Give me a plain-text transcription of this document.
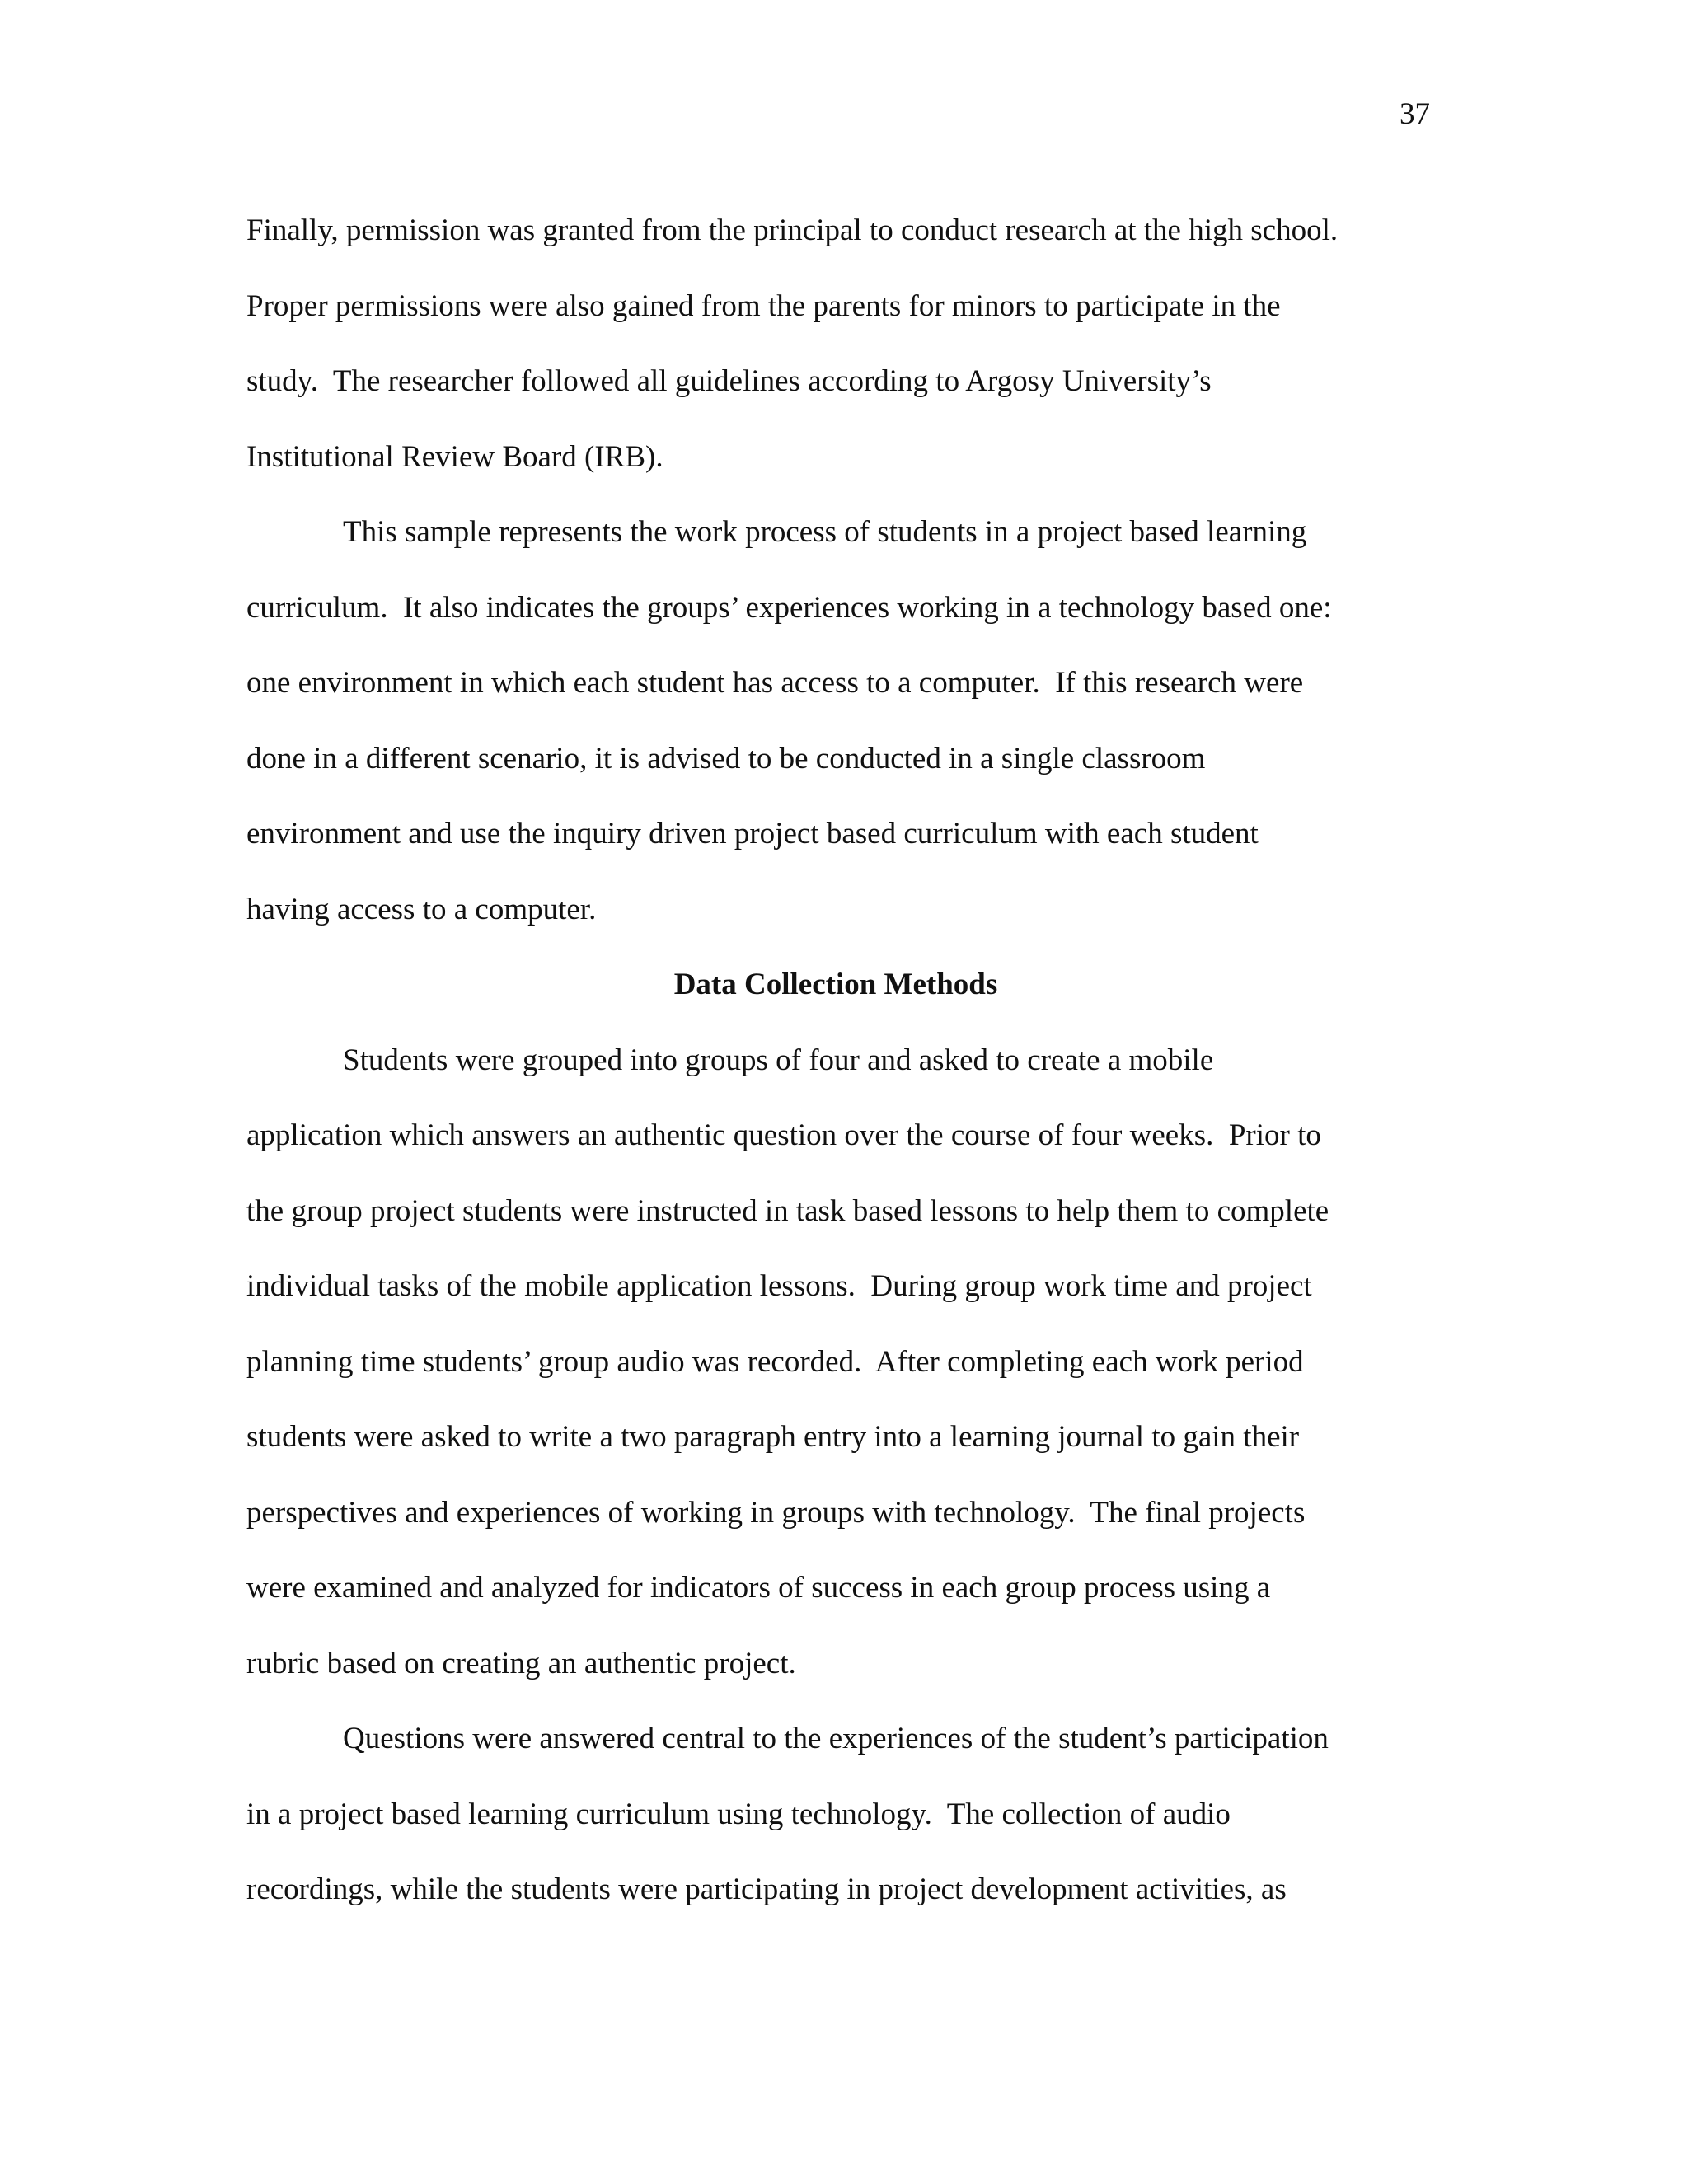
37
Finally, permission was granted from the principal to conduct research at the high school.
Proper permissions were also gained from the parents for minors to participate in the
study.  The researcher followed all guidelines according to Argosy University’s
Institutional Review Board (IRB).
This sample represents the work process of students in a project based learning
curriculum.  It also indicates the groups’ experiences working in a technology based one:
one environment in which each student has access to a computer.  If this research were
done in a different scenario, it is advised to be conducted in a single classroom
environment and use the inquiry driven project based curriculum with each student
having access to a computer.
Data Collection Methods
Students were grouped into groups of four and asked to create a mobile
application which answers an authentic question over the course of four weeks.  Prior to
the group project students were instructed in task based lessons to help them to complete
individual tasks of the mobile application lessons.  During group work time and project
planning time students’ group audio was recorded.  After completing each work period
students were asked to write a two paragraph entry into a learning journal to gain their
perspectives and experiences of working in groups with technology.  The final projects
were examined and analyzed for indicators of success in each group process using a
rubric based on creating an authentic project.
Questions were answered central to the experiences of the student’s participation
in a project based learning curriculum using technology.  The collection of audio
recordings, while the students were participating in project development activities, as
